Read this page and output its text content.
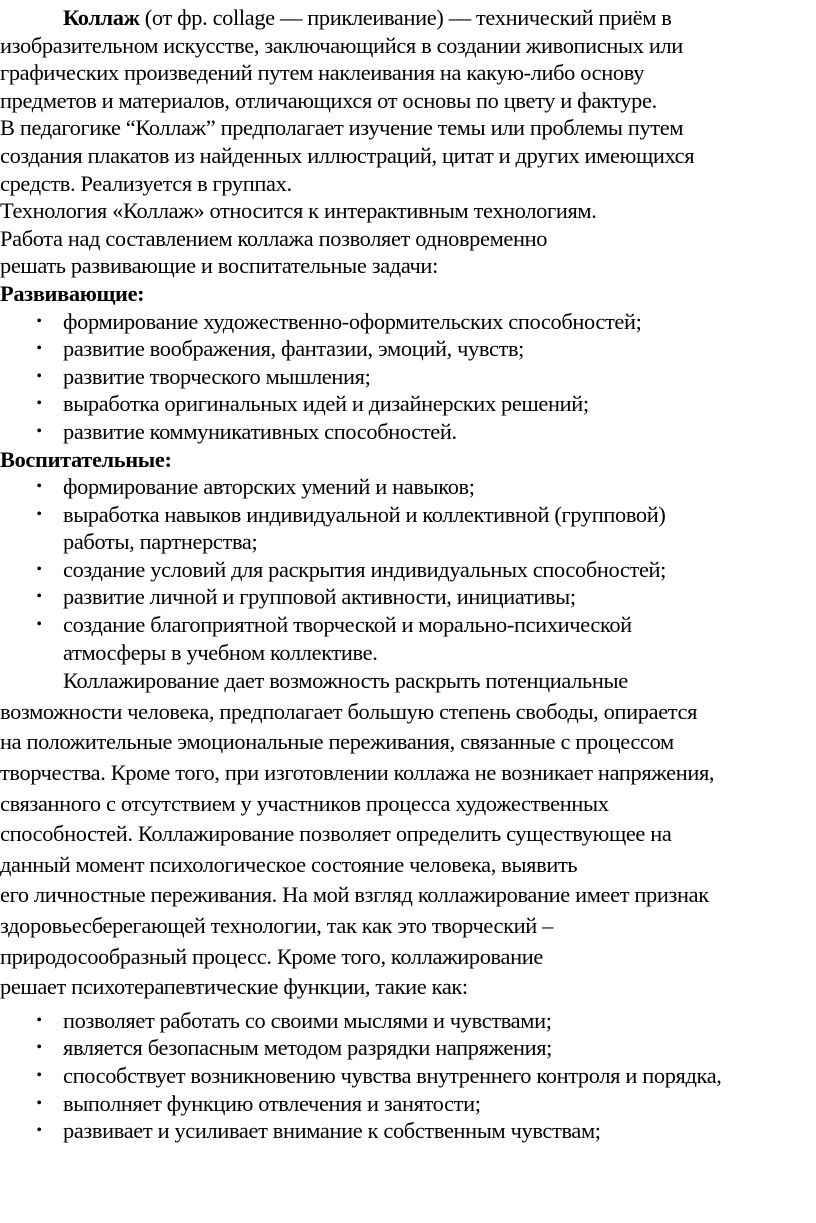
Коллаж (от фр. collage — приклеивание) — технический приём в
изобразительном искусстве, заключающийся в создании живописных или
графических произведений путем наклеивания на какую-либо основу
предметов и материалов, отличающихся от основы по цвету и фактуре.
В педагогике “Коллаж” предполагает изучение темы или проблемы путем
создания плакатов из найденных иллюстраций, цитат и других имеющихся
средств. Реализуется в группах.
Технология «Коллаж» относится к интерактивным технологиям.
Работа над составлением коллажа позволяет одновременно
решать развивающие и воспитательные задачи:
Развивающие:
• формирование художественно-оформительских способностей;
• развитие воображения, фантазии, эмоций, чувств;
• развитие творческого мышления;
• выработка оригинальных идей и дизайнерских решений;
• развитие коммуникативных способностей.
Воспитательные:
• формирование авторских умений и навыков;
• выработка навыков индивидуальной и коллективной (групповой)
работы, партнерства;
• создание условий для раскрытия индивидуальных способностей;
• развитие личной и групповой активности, инициативы;
• создание благоприятной творческой и морально-психической
атмосферы в учебном коллективе.
Коллажирование дает возможность раскрыть потенциальные
возможности человека, предполагает большую степень свободы, опирается
на положительные эмоциональные переживания, связанные с процессом
творчества. Кроме того, при изготовлении коллажа не возникает напряжения,
связанного с отсутствием у участников процесса художественных
способностей. Коллажирование позволяет определить существующее на
данный момент психологическое состояние человека, выявить
его личностные переживания. На мой взгляд коллажирование имеет признак
здоровьесберегающей технологии, так как это творческий –
природосообразный процесс. Кроме того, коллажирование
решает психотерапевтические функции, такие как:
• позволяет работать со своими мыслями и чувствами;
• является безопасным методом разрядки напряжения;
• способствует возникновению чувства внутреннего контроля и порядка,
• выполняет функцию отвлечения и занятости;
• развивает и усиливает внимание к собственным чувствам;
